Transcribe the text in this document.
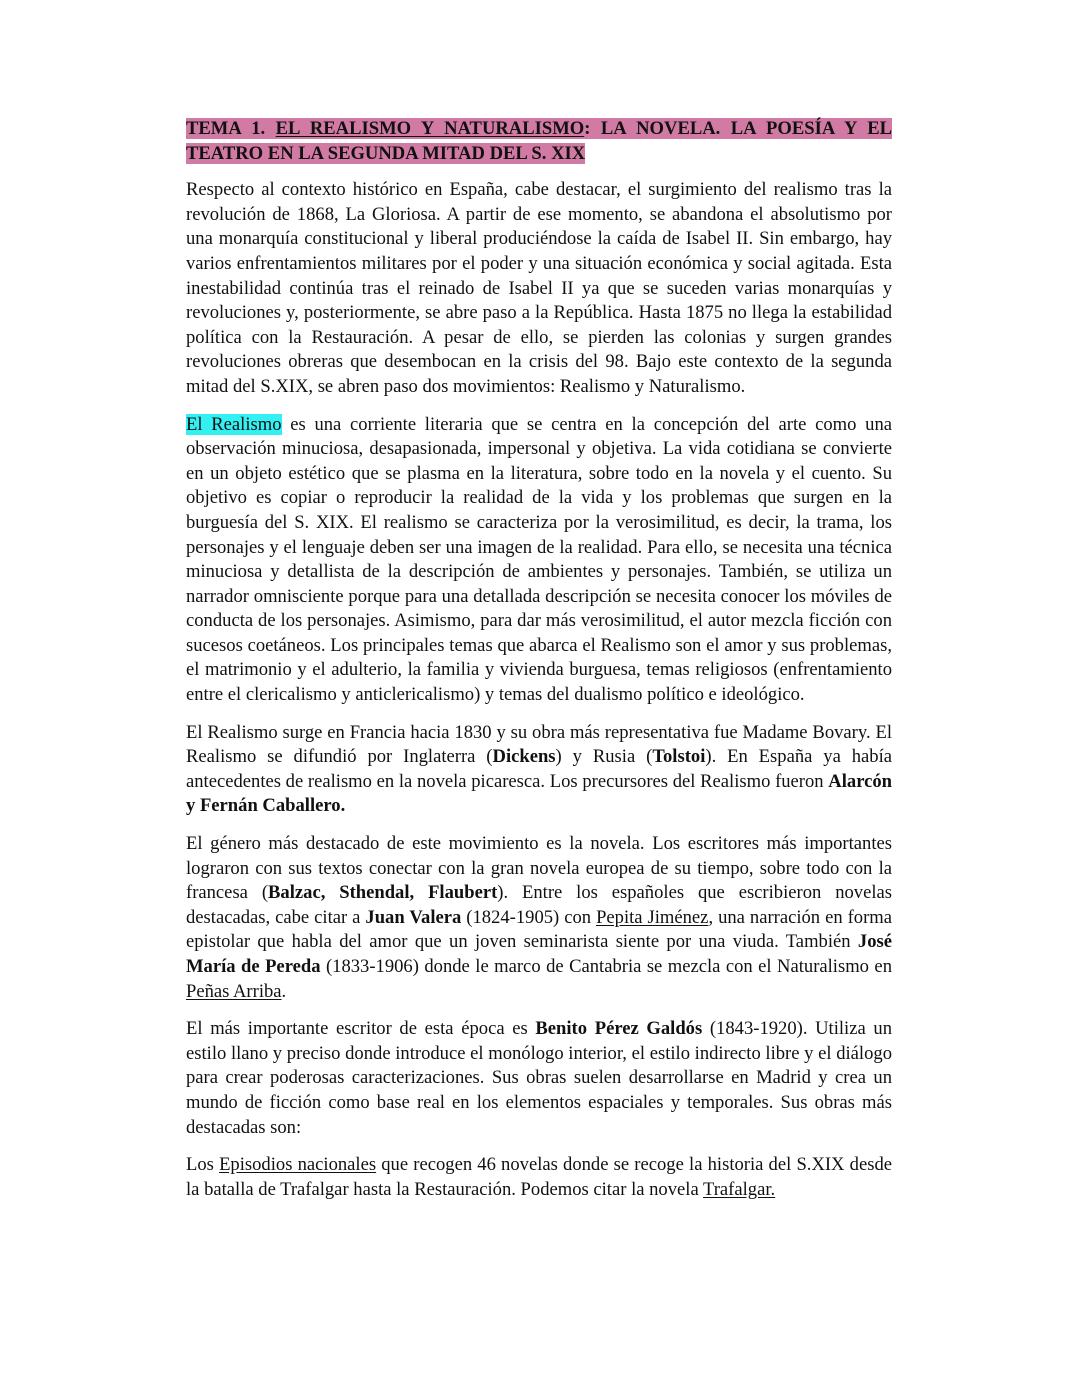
TEMA 1. EL REALISMO Y NATURALISMO: LA NOVELA. LA POESÍA Y EL TEATRO EN LA SEGUNDA MITAD DEL S. XIX

Respecto al contexto histórico en España, cabe destacar, el surgimiento del realismo tras la revolución de 1868, La Gloriosa. A partir de ese momento, se abandona el absolutismo por una monarquía constitucional y liberal produciéndose la caída de Isabel II. Sin embargo, hay varios enfrentamientos militares por el poder y una situación económica y social agitada. Esta inestabilidad continúa tras el reinado de Isabel II ya que se suceden varias monarquías y revoluciones y, posteriormente, se abre paso a la República. Hasta 1875 no llega la estabilidad política con la Restauración. A pesar de ello, se pierden las colonias y surgen grandes revoluciones obreras que desembocan en la crisis del 98. Bajo este contexto de la segunda mitad del S.XIX, se abren paso dos movimientos: Realismo y Naturalismo.

El Realismo es una corriente literaria que se centra en la concepción del arte como una observación minuciosa, desapasionada, impersonal y objetiva. La vida cotidiana se convierte en un objeto estético que se plasma en la literatura, sobre todo en la novela y el cuento. Su objetivo es copiar o reproducir la realidad de la vida y los problemas que surgen en la burguesía del S. XIX. El realismo se caracteriza por la verosimilitud, es decir, la trama, los personajes y el lenguaje deben ser una imagen de la realidad. Para ello, se necesita una técnica minuciosa y detallista de la descripción de ambientes y personajes. También, se utiliza un narrador omnisciente porque para una detallada descripción se necesita conocer los móviles de conducta de los personajes. Asimismo, para dar más verosimilitud, el autor mezcla ficción con sucesos coetáneos. Los principales temas que abarca el Realismo son el amor y sus problemas, el matrimonio y el adulterio, la familia y vivienda burguesa, temas religiosos (enfrentamiento entre el clericalismo y anticlericalismo) y temas del dualismo político e ideológico.

El Realismo surge en Francia hacia 1830 y su obra más representativa fue Madame Bovary. El Realismo se difundió por Inglaterra (Dickens) y Rusia (Tolstoi). En España ya había antecedentes de realismo en la novela picaresca. Los precursores del Realismo fueron Alarcón y Fernán Caballero.

El género más destacado de este movimiento es la novela. Los escritores más importantes lograron con sus textos conectar con la gran novela europea de su tiempo, sobre todo con la francesa (Balzac, Sthendal, Flaubert). Entre los españoles que escribieron novelas destacadas, cabe citar a Juan Valera (1824-1905) con Pepita Jiménez, una narración en forma epistolar que habla del amor que un joven seminarista siente por una viuda. También José María de Pereda (1833-1906) donde le marco de Cantabria se mezcla con el Naturalismo en Peñas Arriba.

El más importante escritor de esta época es Benito Pérez Galdós (1843-1920). Utiliza un estilo llano y preciso donde introduce el monólogo interior, el estilo indirecto libre y el diálogo para crear poderosas caracterizaciones. Sus obras suelen desarrollarse en Madrid y crea un mundo de ficción como base real en los elementos espaciales y temporales. Sus obras más destacadas son:

Los Episodios nacionales que recogen 46 novelas donde se recoge la historia del S.XIX desde la batalla de Trafalgar hasta la Restauración. Podemos citar la novela Trafalgar.
